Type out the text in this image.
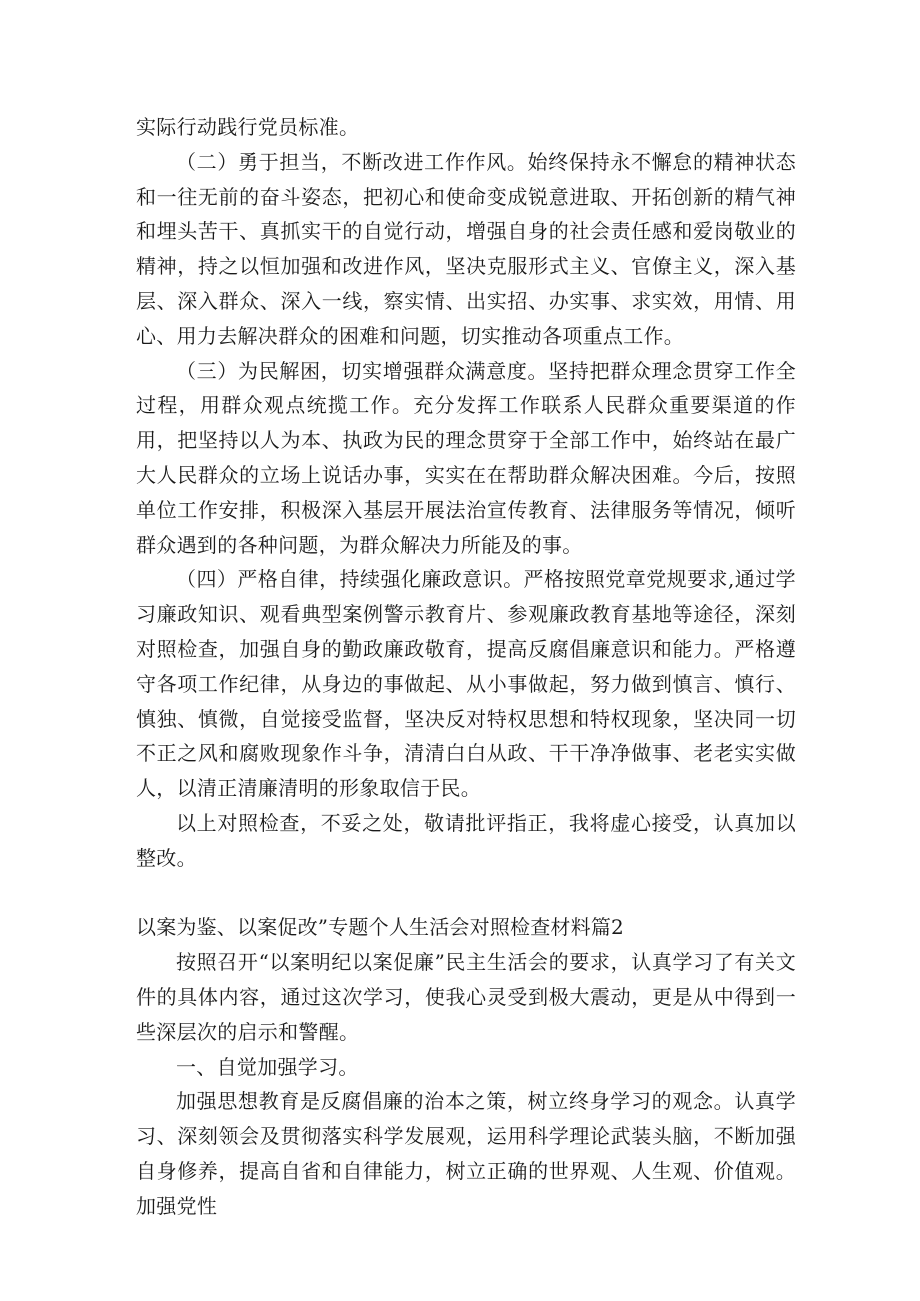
实际行动践行党员标准。

（二）勇于担当，不断改进工作作风。始终保持永不懈怠的精神状态和一往无前的奋斗姿态，把初心和使命变成锐意进取、开拓创新的精气神和埋头苦干、真抓实干的自觉行动，增强自身的社会责任感和爱岗敬业的精神，持之以恒加强和改进作风，坚决克服形式主义、官僚主义，深入基层、深入群众、深入一线，察实情、出实招、办实事、求实效，用情、用心、用力去解决群众的困难和问题，切实推动各项重点工作。

（三）为民解困，切实增强群众满意度。坚持把群众理念贯穿工作全过程，用群众观点统揽工作。充分发挥工作联系人民群众重要渠道的作用，把坚持以人为本、执政为民的理念贯穿于全部工作中，始终站在最广大人民群众的立场上说话办事，实实在在帮助群众解决困难。今后，按照单位工作安排，积极深入基层开展法治宣传教育、法律服务等情况，倾听群众遇到的各种问题，为群众解决力所能及的事。

（四）严格自律，持续强化廉政意识。严格按照党章党规要求,通过学习廉政知识、观看典型案例警示教育片、参观廉政教育基地等途径，深刻对照检查，加强自身的勤政廉政敬育，提高反腐倡廉意识和能力。严格遵守各项工作纪律，从身边的事做起、从小事做起，努力做到慎言、慎行、慎独、慎微，自觉接受监督，坚决反对特权思想和特权现象，坚决同一切不正之风和腐败现象作斗争，清清白白从政、干干净净做事、老老实实做人，以清正清廉清明的形象取信于民。

以上对照检查，不妥之处，敬请批评指正，我将虚心接受，认真加以整改。

以案为鉴、以案促改”专题个人生活会对照检查材料篇2

按照召开“以案明纪以案促廉”民主生活会的要求，认真学习了有关文件的具体内容，通过这次学习，使我心灵受到极大震动，更是从中得到一些深层次的启示和警醒。

一、自觉加强学习。

加强思想教育是反腐倡廉的治本之策，树立终身学习的观念。认真学习、深刻领会及贯彻落实科学发展观，运用科学理论武装头脑，不断加强自身修养，提高自省和自律能力，树立正确的世界观、人生观、价值观。加强党性
